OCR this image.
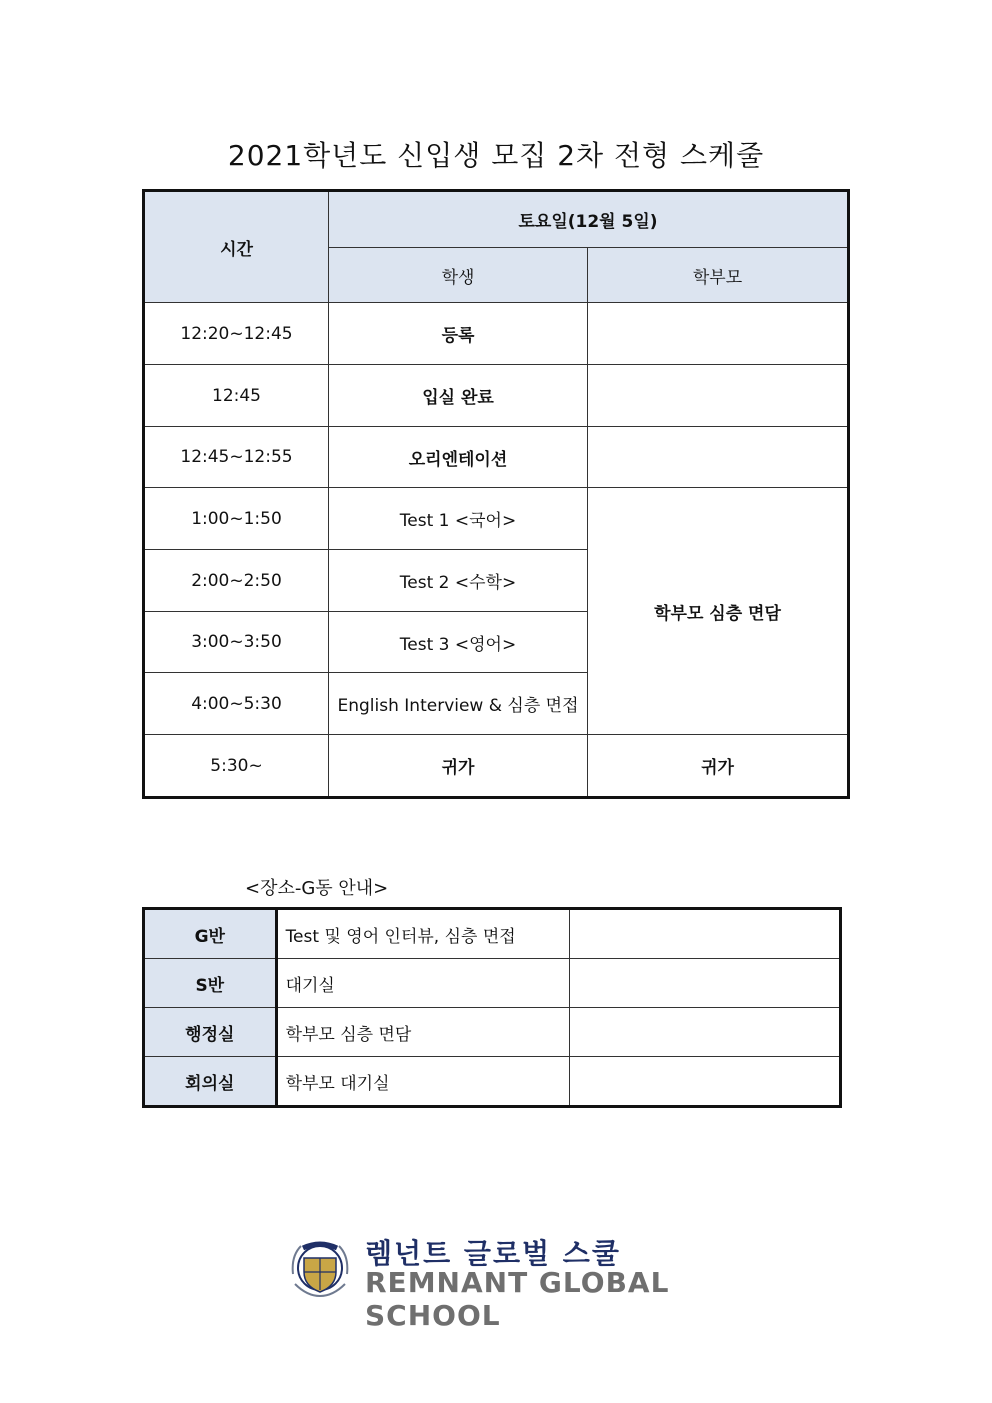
2021학년도 신입생 모집 2차 전형 스케줄
시간	토요일(12월 5일)	
	학생	학부모
12:20~12:45	등록	
12:45	입실 완료	
12:45~12:55	오리엔테이션	
1:00~1:50	Test 1 <국어>	학부모 심층 면담
2:00~2:50	Test 2 <수학>	
3:00~3:50	Test 3 <영어>	
4:00~5:30	English Interview & 심층 면접	
5:30~	귀가	귀가
<장소-G동 안내>
G반	Test 및 영어 인터뷰, 심층 면접	
S반	대기실	
행정실	학부모 심층 면담	
회의실	학부모 대기실	
렘넌트 글로벌 스쿨
REMNANT GLOBAL SCHOOL
